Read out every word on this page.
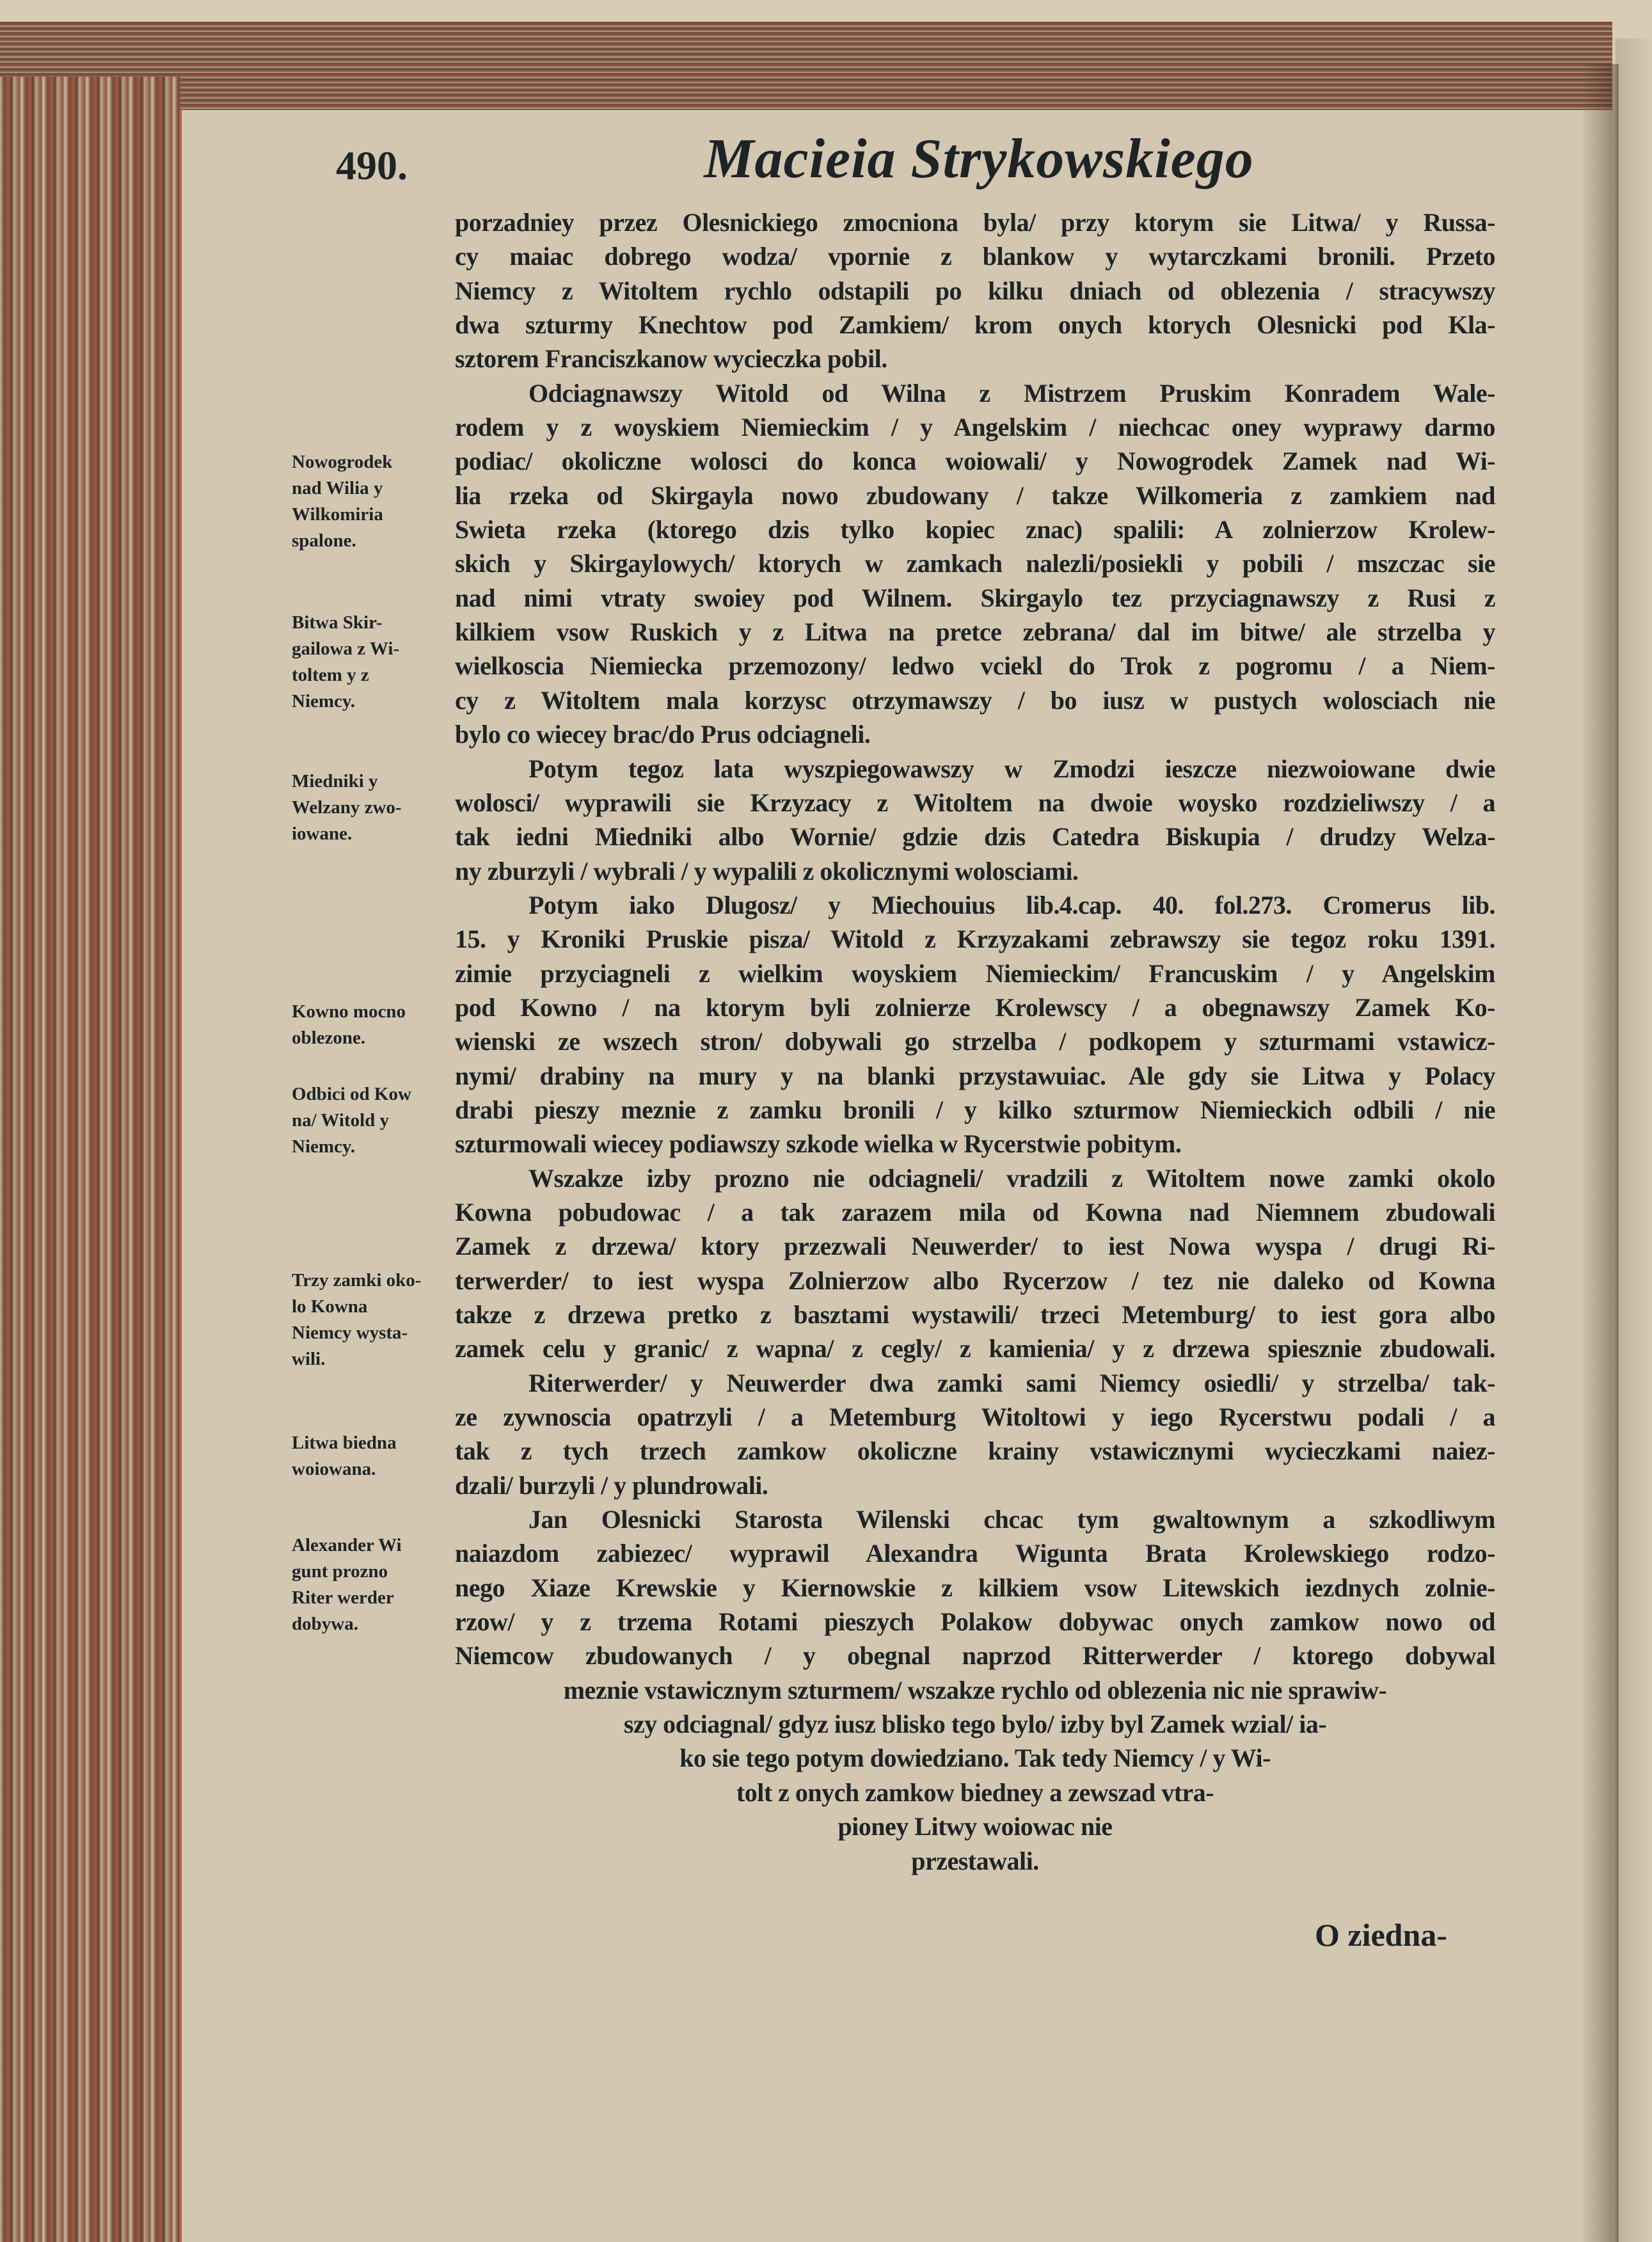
490.	Macieia Strykowskiego
porzadniey przez Olesnickiego zmocniona byla/ przy ktorym sie Litwa/ y Russa-
cy maiac dobrego wodza/ vpornie z blankow y wytarczkami bronili. Przeto
Niemcy z Witoltem rychlo odstapili po kilku dniach od oblezenia / stracywszy
dwa szturmy Knechtow pod Zamkiem/ krom onych ktorych Olesnicki pod Kla-
sztorem Franciszkanow wycieczka pobil.
Odciagnawszy Witold od Wilna z Mistrzem Pruskim Konradem Wale-
rodem y z woyskiem Niemieckim / y Angelskim / niechcac oney wyprawy darmo
podiac/ okoliczne wolosci do konca woiowali/ y Nowogrodek Zamek nad Wi-
lia rzeka od Skirgayla nowo zbudowany / takze Wilkomeria z zamkiem nad
Swieta rzeka (ktorego dzis tylko kopiec znac) spalili: A zolnierzow Krolew-
skich y Skirgaylowych/ ktorych w zamkach nalezli/posiekli y pobili / mszczac sie
nad nimi vtraty swoiey pod Wilnem. Skirgaylo tez przyciagnawszy z Rusi z
kilkiem vsow Ruskich y z Litwa na pretce zebrana/ dal im bitwe/ ale strzelba y
wielkoscia Niemiecka przemozony/ ledwo vciekl do Trok z pogromu / a Niem-
cy z Witoltem mala korzysc otrzymawszy / bo iusz w pustych wolosciach nie
bylo co wiecey brac/do Prus odciagneli.
Potym tegoz lata wyszpiegowawszy w Zmodzi ieszcze niezwoiowane dwie
wolosci/ wyprawili sie Krzyzacy z Witoltem na dwoie woysko rozdzieliwszy / a
tak iedni Miedniki albo Wornie/ gdzie dzis Catedra Biskupia / drudzy Welza-
ny zburzyli / wybrali / y wypalili z okolicznymi wolosciami.
Potym iako Dlugosz/ y Miechouius lib.4.cap. 40. fol.273. Cromerus lib.
15. y Kroniki Pruskie pisza/ Witold z Krzyzakami zebrawszy sie tegoz roku 1391.
zimie przyciagneli z wielkim woyskiem Niemieckim/ Francuskim / y Angelskim
pod Kowno / na ktorym byli zolnierze Krolewscy / a obegnawszy Zamek Ko-
wienski ze wszech stron/ dobywali go strzelba / podkopem y szturmami vstawicz-
nymi/ drabiny na mury y na blanki przystawuiac. Ale gdy sie Litwa y Polacy
drabi pieszy meznie z zamku bronili / y kilko szturmow Niemieckich odbili / nie
szturmowali wiecey podiawszy szkode wielka w Rycerstwie pobitym.
Wszakze izby prozno nie odciagneli/ vradzili z Witoltem nowe zamki okolo
Kowna pobudowac / a tak zarazem mila od Kowna nad Niemnem zbudowali
Zamek z drzewa/ ktory przezwali Neuwerder/ to iest Nowa wyspa / drugi Ri-
terwerder/ to iest wyspa Zolnierzow albo Rycerzow / tez nie daleko od Kowna
takze z drzewa pretko z basztami wystawili/ trzeci Metemburg/ to iest gora albo
zamek celu y granic/ z wapna/ z cegly/ z kamienia/ y z drzewa spiesznie zbudowali.
Riterwerder/ y Neuwerder dwa zamki sami Niemcy osiedli/ y strzelba/ tak-
ze zywnoscia opatrzyli / a Metemburg Witoltowi y iego Rycerstwu podali / a
tak z tych trzech zamkow okoliczne krainy vstawicznymi wycieczkami naiez-
dzali/ burzyli / y plundrowali.
Jan Olesnicki Starosta Wilenski chcac tym gwaltownym a szkodliwym
naiazdom zabiezec/ wyprawil Alexandra Wigunta Brata Krolewskiego rodzo-
nego Xiaze Krewskie y Kiernowskie z kilkiem vsow Litewskich iezdnych zolnie-
rzow/ y z trzema Rotami pieszych Polakow dobywac onych zamkow nowo od
Niemcow zbudowanych / y obegnal naprzod Ritterwerder / ktorego dobywal
meznie vstawicznym szturmem/ wszakze rychlo od oblezenia nic nie sprawiw-
szy odciagnal/ gdyz iusz blisko tego bylo/ izby byl Zamek wzial/ ia-
ko sie tego potym dowiedziano. Tak tedy Niemcy / y Wi-
tolt z onych zamkow biedney a zewszad vtra-
pioney Litwy woiowac nie
przestawali.
Nowogrodek
nad Wilia y
Wilkomiria
spalone.
Bitwa Skir-
gailowa z Wi-
toltem y z
Niemcy.
Miedniki y
Welzany zwo-
iowane.
Kowno mocno
oblezone.
Odbici od Kow
na/ Witold y
Niemcy.
Trzy zamki oko-
lo Kowna
Niemcy wysta-
wili.
Litwa biedna
woiowana.
Alexander Wi
gunt prozno
Riter werder
dobywa.
O ziedna-
